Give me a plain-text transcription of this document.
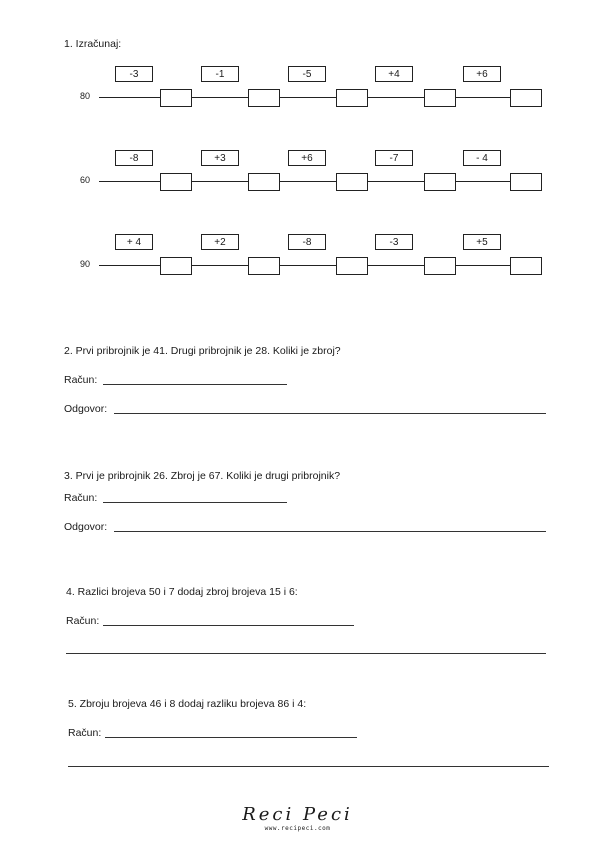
1. Izračunaj:
80
-3	-1	-5	+4	+6
60
-8	+3	+6	-7	- 4
90
+ 4	+2	-8	-3	+5
2. Prvi pribrojnik je 41. Drugi pribrojnik je 28. Koliki je zbroj?
Račun:
Odgovor:
3. Prvi je pribrojnik 26. Zbroj je 67. Koliki je drugi pribrojnik?
Račun:
Odgovor:
4. Razlici brojeva 50 i 7 dodaj zbroj brojeva 15 i 6:
Račun:
5. Zbroju brojeva 46 i 8 dodaj razliku brojeva 86 i 4:
Račun:
Reci Peci
www.recipeci.com
